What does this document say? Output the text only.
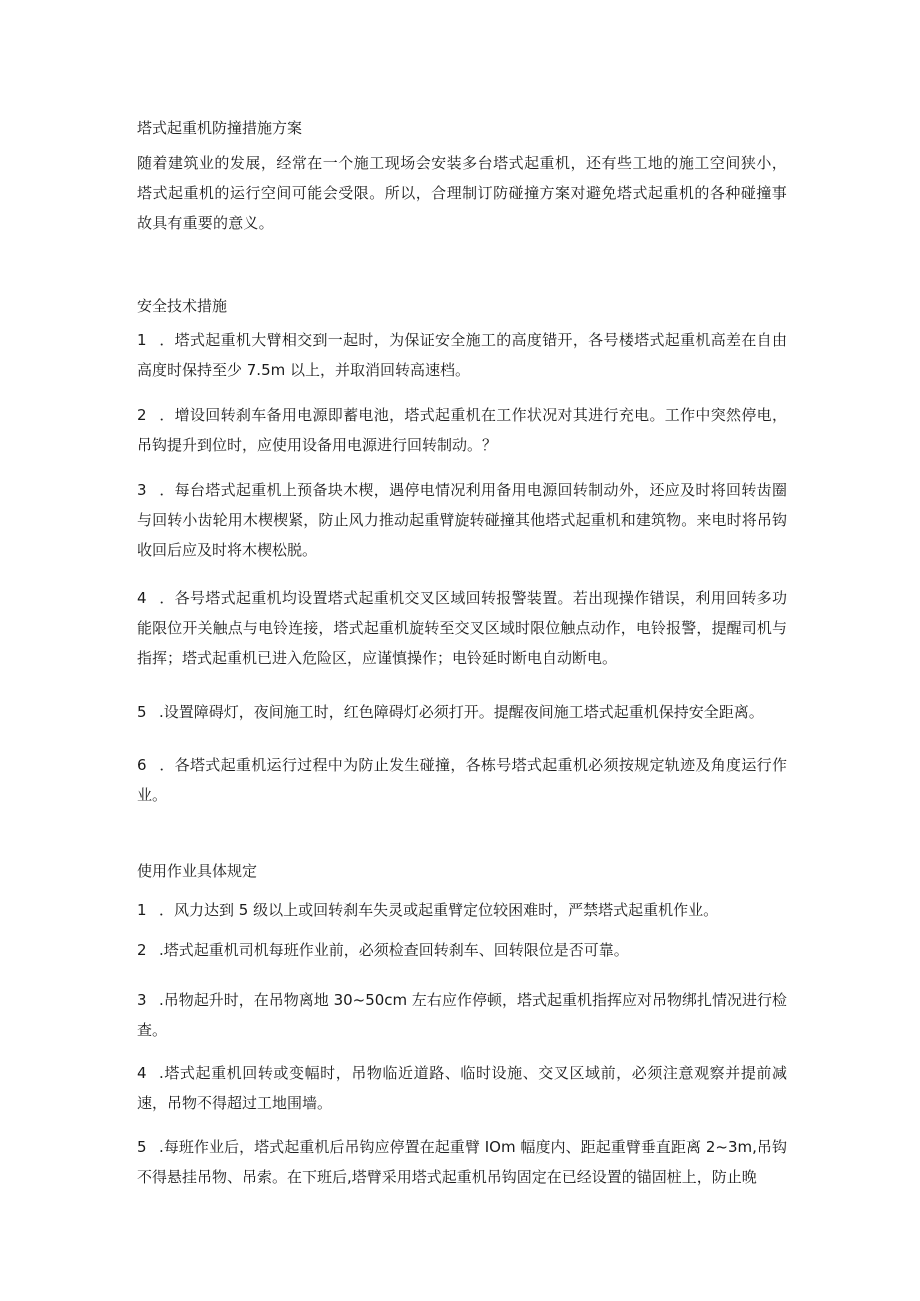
塔式起重机防撞措施方案
随着建筑业的发展，经常在一个施工现场会安装多台塔式起重机，还有些工地的施工空间狭小，塔式起重机的运行空间可能会受限。所以，合理制订防碰撞方案对避免塔式起重机的各种碰撞事故具有重要的意义。
安全技术措施
1 ．塔式起重机大臂相交到一起时，为保证安全施工的高度错开，各号楼塔式起重机高差在自由高度时保持至少 7.5m 以上，并取消回转高速档。
2 ．增设回转刹车备用电源即蓄电池，塔式起重机在工作状况对其进行充电。工作中突然停电，吊钩提升到位时，应使用设备用电源进行回转制动。？
3 ．每台塔式起重机上预备块木楔，遇停电情况利用备用电源回转制动外，还应及时将回转齿圈与回转小齿轮用木楔楔紧，防止风力推动起重臂旋转碰撞其他塔式起重机和建筑物。来电时将吊钩收回后应及时将木楔松脱。
4 ．各号塔式起重机均设置塔式起重机交叉区域回转报警装置。若出现操作错误，利用回转多功能限位开关触点与电铃连接，塔式起重机旋转至交叉区域时限位触点动作，电铃报警，提醒司机与指挥；塔式起重机已进入危险区，应谨慎操作；电铃延时断电自动断电。
5 .设置障碍灯，夜间施工时，红色障碍灯必须打开。提醒夜间施工塔式起重机保持安全距离。
6 ．各塔式起重机运行过程中为防止发生碰撞，各栋号塔式起重机必须按规定轨迹及角度运行作业。
使用作业具体规定
1 ．风力达到 5 级以上或回转刹车失灵或起重臂定位较困难时，严禁塔式起重机作业。
2 .塔式起重机司机每班作业前，必须检查回转刹车、回转限位是否可靠。
3 .吊物起升时，在吊物离地 30~50cm 左右应作停顿，塔式起重机指挥应对吊物绑扎情况进行检查。
4 .塔式起重机回转或变幅时，吊物临近道路、临时设施、交叉区域前，必须注意观察并提前减速，吊物不得超过工地围墙。
5 .每班作业后，塔式起重机后吊钩应停置在起重臂 IOm 幅度内、距起重臂垂直距离 2~3m,吊钩不得悬挂吊物、吊索。在下班后,塔臂采用塔式起重机吊钩固定在已经设置的锚固桩上，防止晚
